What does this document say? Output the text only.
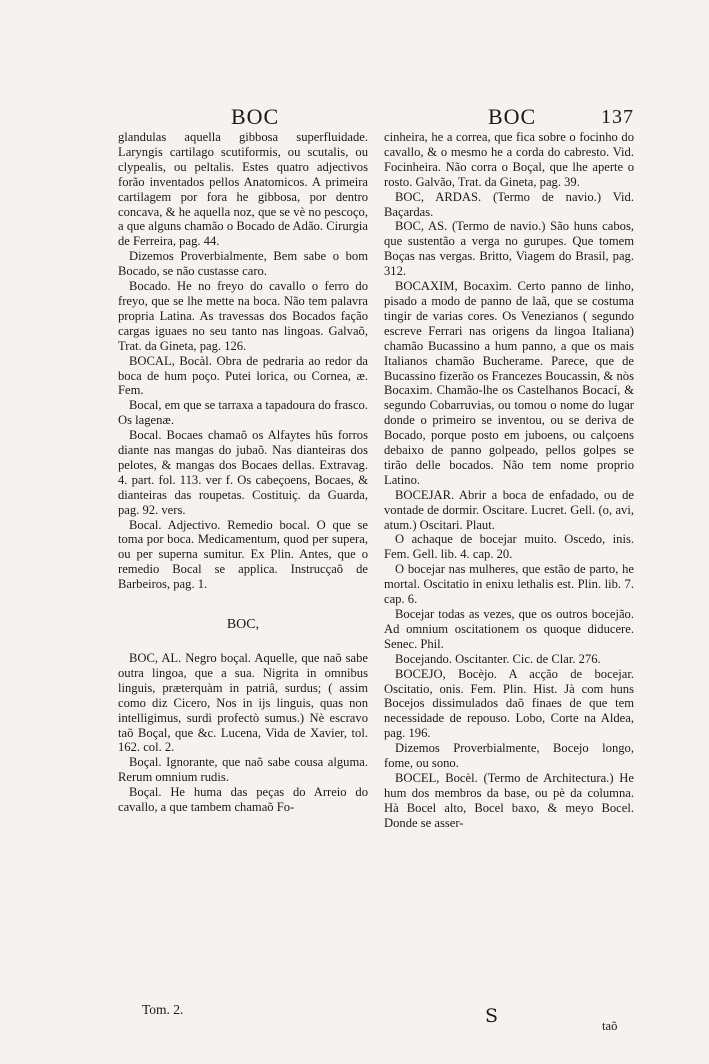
BOC	BOC	137

glandulas aquella gibbosa superfluidade. Laryngis cartilago scutiformis, ou scutalis, ou clypealis, ou peltalis. Estes quatro adjectivos forão inventados pellos Anatomicos. A primeira cartilagem por fora he gibbosa, por dentro concava, & he aquella noz, que se vè no pescoço, a que alguns chamão o Bocado de Adão. Cirurgia de Ferreira, pag. 44.

Dizemos Proverbialmente, Bem sabe o bom Bocado, se não custasse caro.

Bocado. He no freyo do cavallo o ferro do freyo, que se lhe mette na boca. Não tem palavra propria Latina. As travessas dos Bocados fação cargas iguaes no seu tanto nas lingoas. Galvaõ, Trat. da Gineta, pag. 126.

BOCAL, Bocàl. Obra de pedraria ao redor da boca de hum poço. Putei lorica, ou Cornea, æ. Fem.

Bocal, em que se tarraxa a tapadoura do frasco. Os lagenæ.

Bocal. Bocaes chamaõ os Alfaytes hũs forros diante nas mangas do jubaõ. Nas dianteiras dos pelotes, & mangas dos Bocaes dellas. Extravag. 4. part. fol. 113. ver f. Os cabeçoens, Bocaes, & dianteiras das roupetas. Costituiç. da Guarda, pag. 92. vers.

Bocal. Adjectivo. Remedio bocal. O que se toma por boca. Medicamentum, quod per supera, ou per superna sumitur. Ex Plin. Antes, que o remedio Bocal se applica. Instrucçaõ de Barbeiros, pag. 1.

BOC,

BOC, AL. Negro boçal. Aquelle, que naõ sabe outra lingoa, que a sua. Nigrita in omnibus linguis, præterquàm in patriâ, surdus; ( assim como diz Cicero, Nos in ijs linguis, quas non intelligimus, surdi profectò sumus.) Nè escravo taõ Boçal, que &c. Lucena, Vida de Xavier, tol. 162. col. 2.

Boçal. Ignorante, que naõ sabe cousa alguma. Rerum omnium rudis.

Boçal. He huma das peças do Arreio do cavallo, a que tambem chamaõ Fo-

cinheira, he a correa, que fica sobre o focinho do cavallo, & o mesmo he a corda do cabresto. Vid. Focinheira. Não corra o Boçal, que lhe aperte o rosto. Galvão, Trat. da Gineta, pag. 39.

BOC, ARDAS. (Termo de navio.) Vid. Baçardas.

BOC, AS. (Termo de navio.) São huns cabos, que sustentão a verga no gurupes. Que tomem Boças nas vergas. Britto, Viagem do Brasil, pag. 312.

BOCAXIM, Bocaxìm. Certo panno de linho, pisado a modo de panno de laã, que se costuma tingir de varias cores. Os Venezianos ( segundo escreve Ferrari nas origens da lingoa Italiana) chamão Bucassino a hum panno, a que os mais Italianos chamão Bucherame. Parece, que de Bucassino fizerão os Francezes Boucassin, & nòs Bocaxim. Chamão-lhe os Castelhanos Bocací, & segundo Cobarruvias, ou tomou o nome do lugar donde o primeiro se inventou, ou se deriva de Bocado, porque posto em juboens, ou calçoens debaixo de panno golpeado, pellos golpes se tirão delle bocados. Não tem nome proprio Latino.

BOCEJAR. Abrir a boca de enfadado, ou de vontade de dormir. Oscitare. Lucret. Gell. (o, avi, atum.) Oscitari. Plaut.

O achaque de bocejar muito. Oscedo, inis. Fem. Gell. lib. 4. cap. 20.

O bocejar nas mulheres, que estão de parto, he mortal. Oscitatio in enixu lethalis est. Plin. lib. 7. cap. 6.

Bocejar todas as vezes, que os outros bocejão. Ad omnium oscitationem os quoque diducere. Senec. Phil.

Bocejando. Oscitanter. Cic. de Clar. 276.

BOCEJO, Bocèjo. A acção de bocejar. Oscitatio, onis. Fem. Plin. Hist. Jà com huns Bocejos dissimulados daõ finaes de que tem necessidade de repouso. Lobo, Corte na Aldea, pag. 196.

Dizemos Proverbialmente, Bocejo longo, fome, ou sono.

BOCEL, Bocèl. (Termo de Architectura.) He hum dos membros da base, ou pè da columna. Hà Bocel alto, Bocel baxo, & meyo Bocel. Donde se asser-

Tom. 2.	S	taõ
